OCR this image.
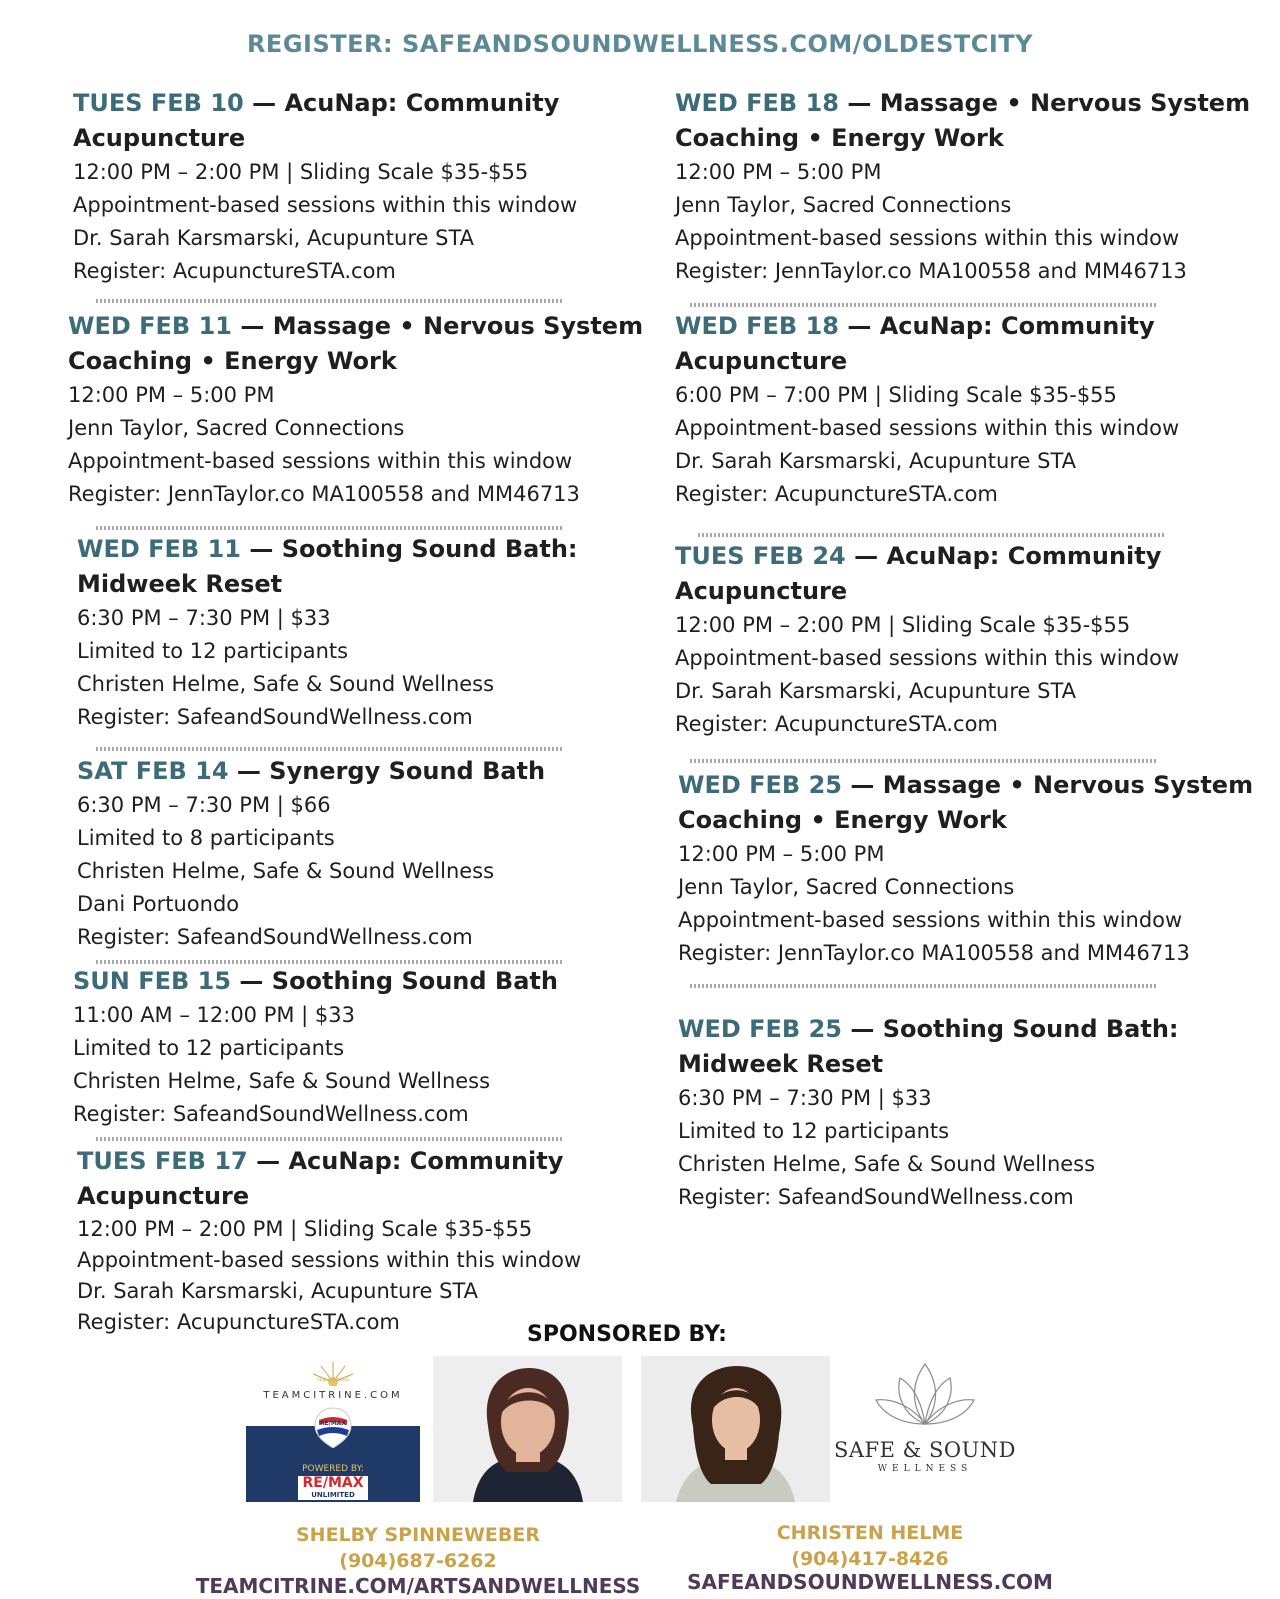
REGISTER: SAFEANDSOUNDWELLNESS.COM/OLDESTCITY
TUES FEB 10 — AcuNap: Community
Acupuncture
12:00 PM – 2:00 PM | Sliding Scale $35-$55
Appointment-based sessions within this window
Dr. Sarah Karsmarski, Acupunture STA
Register: AcupunctureSTA.com
WED FEB 11 — Massage • Nervous System
Coaching • Energy Work
12:00 PM – 5:00 PM
Jenn Taylor, Sacred Connections
Appointment-based sessions within this window
Register: JennTaylor.co MA100558 and MM46713
WED FEB 11 — Soothing Sound Bath:
Midweek Reset
6:30 PM – 7:30 PM | $33
Limited to 12 participants
Christen Helme, Safe & Sound Wellness
Register: SafeandSoundWellness.com
SAT FEB 14 — Synergy Sound Bath
6:30 PM – 7:30 PM | $66
Limited to 8 participants
Christen Helme, Safe & Sound Wellness
Dani Portuondo
Register: SafeandSoundWellness.com
SUN FEB 15 — Soothing Sound Bath
11:00 AM – 12:00 PM | $33
Limited to 12 participants
Christen Helme, Safe & Sound Wellness
Register: SafeandSoundWellness.com
TUES FEB 17 — AcuNap: Community
Acupuncture
12:00 PM – 2:00 PM | Sliding Scale $35-$55
Appointment-based sessions within this window
Dr. Sarah Karsmarski, Acupunture STA
Register: AcupunctureSTA.com
WED FEB 18 — Massage • Nervous System
Coaching • Energy Work
12:00 PM – 5:00 PM
Jenn Taylor, Sacred Connections
Appointment-based sessions within this window
Register: JennTaylor.co MA100558 and MM46713
WED FEB 18 — AcuNap: Community
Acupuncture
6:00 PM – 7:00 PM | Sliding Scale $35-$55
Appointment-based sessions within this window
Dr. Sarah Karsmarski, Acupunture STA
Register: AcupunctureSTA.com
TUES FEB 24 — AcuNap: Community
Acupuncture
12:00 PM – 2:00 PM | Sliding Scale $35-$55
Appointment-based sessions within this window
Dr. Sarah Karsmarski, Acupunture STA
Register: AcupunctureSTA.com
WED FEB 25 — Massage • Nervous System
Coaching • Energy Work
12:00 PM – 5:00 PM
Jenn Taylor, Sacred Connections
Appointment-based sessions within this window
Register: JennTaylor.co MA100558 and MM46713
WED FEB 25 — Soothing Sound Bath:
Midweek Reset
6:30 PM – 7:30 PM | $33
Limited to 12 participants
Christen Helme, Safe & Sound Wellness
Register: SafeandSoundWellness.com
SPONSORED BY:
TEAM CITRINE
TEAMCITRINE.COM
RE/MAX
POWERED BY:
RE/MAX
UNLIMITED
SAFE & SOUND
WELLNESS
SHELBY SPINNEWEBER
(904)687-6262
TEAMCITRINE.COM/ARTSANDWELLNESS
CHRISTEN HELME
(904)417-8426
SAFEANDSOUNDWELLNESS.COM
